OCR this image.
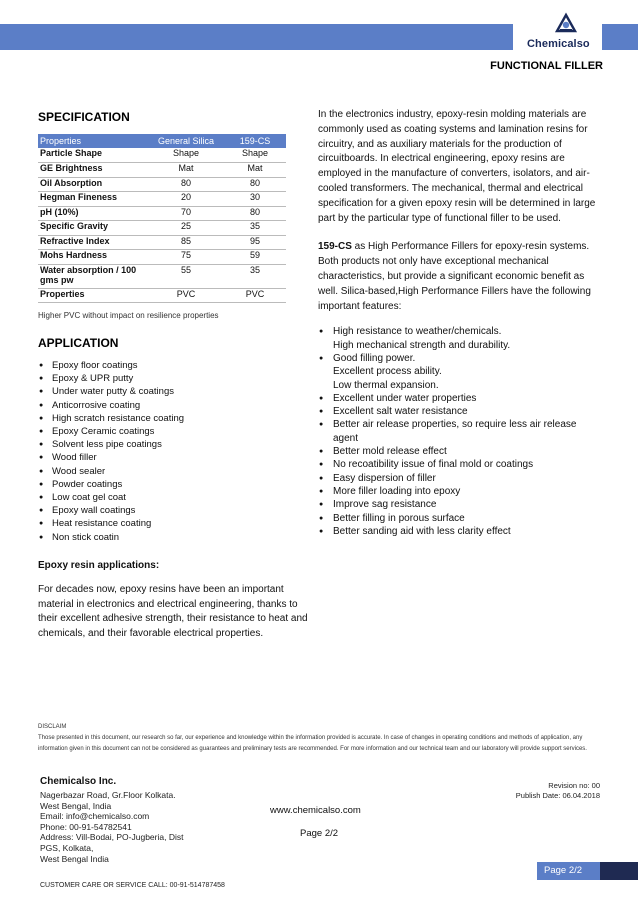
Chemicalso
FUNCTIONAL FILLER
SPECIFICATION
Properties	General Silica	159-CS
Particle Shape	Shape	Shape
GE Brightness	Mat	Mat
Oil Absorption	80	80
Hegman Fineness	20	30
pH (10%)	70	80
Specific Gravity	25	35
Refractive Index	85	95
Mohs Hardness	75	59
Water absorption / 100 gms pw	55	35
Properties	PVC	PVC
Higher PVC without impact on resilience properties
APPLICATION
● Epoxy floor coatings
● Epoxy & UPR putty
● Under water putty & coatings
● Anticorrosive coating
● High scratch resistance coating
● Epoxy Ceramic coatings
● Solvent less pipe coatings
● Wood filler
● Wood sealer
● Powder coatings
● Low coat gel coat
● Epoxy wall coatings
● Heat resistance coating
● Non stick coatin
Epoxy resin applications:
For decades now, epoxy resins have been an important material in electronics and electrical engineering, thanks to their excellent adhesive strength, their resistance to heat and chemicals, and their favorable electrical properties.
In the electronics industry, epoxy-resin molding materials are commonly used as coating systems and lamination resins for circuitry, and as auxiliary materials for the production of circuitboards. In electrical engineering, epoxy resins are employed in the manufacture of converters, isolators, and air-cooled transformers. The mechanical, thermal and electrical specification for a given epoxy resin will be determined in large part by the particular type of functional filler to be used.
159-CS as High Performance Fillers for epoxy-resin systems. Both products not only have exceptional mechanical characteristics, but provide a significant economic benefit as well. Silica-based,High Performance Fillers have the following important features:
● High resistance to weather/chemicals.
High mechanical strength and durability.
● Good filling power.
Excellent process ability.
Low thermal expansion.
● Excellent under water properties
● Excellent salt water resistance
● Better air release properties, so require less air release agent
● Better mold release effect
● No recoatibility issue of final mold or coatings
● Easy dispersion of filler
● More filler loading into epoxy
● Improve sag resistance
● Better filling in porous surface
● Better sanding aid with less clarity effect
DISCLAIM
Those presented in this document, our research so far, our experience and knowledge within the information provided is accurate. In case of changes in operating conditions and methods of application, any information given in this document can not be considered as guarantees and preliminary tests are recommended. For more information and our technical team and our laboratory will provide support services.
Chemicalso Inc.
Nagerbazar Road, Gr.Floor Kolkata.
West Bengal, India
Email: info@chemicalso.com
Phone: 00-91-54782541
Address: Vill-Bodai, PO-Jugberia, Dist
PGS, Kolkata,
West Bengal India
www.chemicalso.com
Page 2/2
Revision no: 00
Publish Date: 06.04.2018
Page 2/2
CUSTOMER CARE OR SERVICE CALL: 00-91-514787458
